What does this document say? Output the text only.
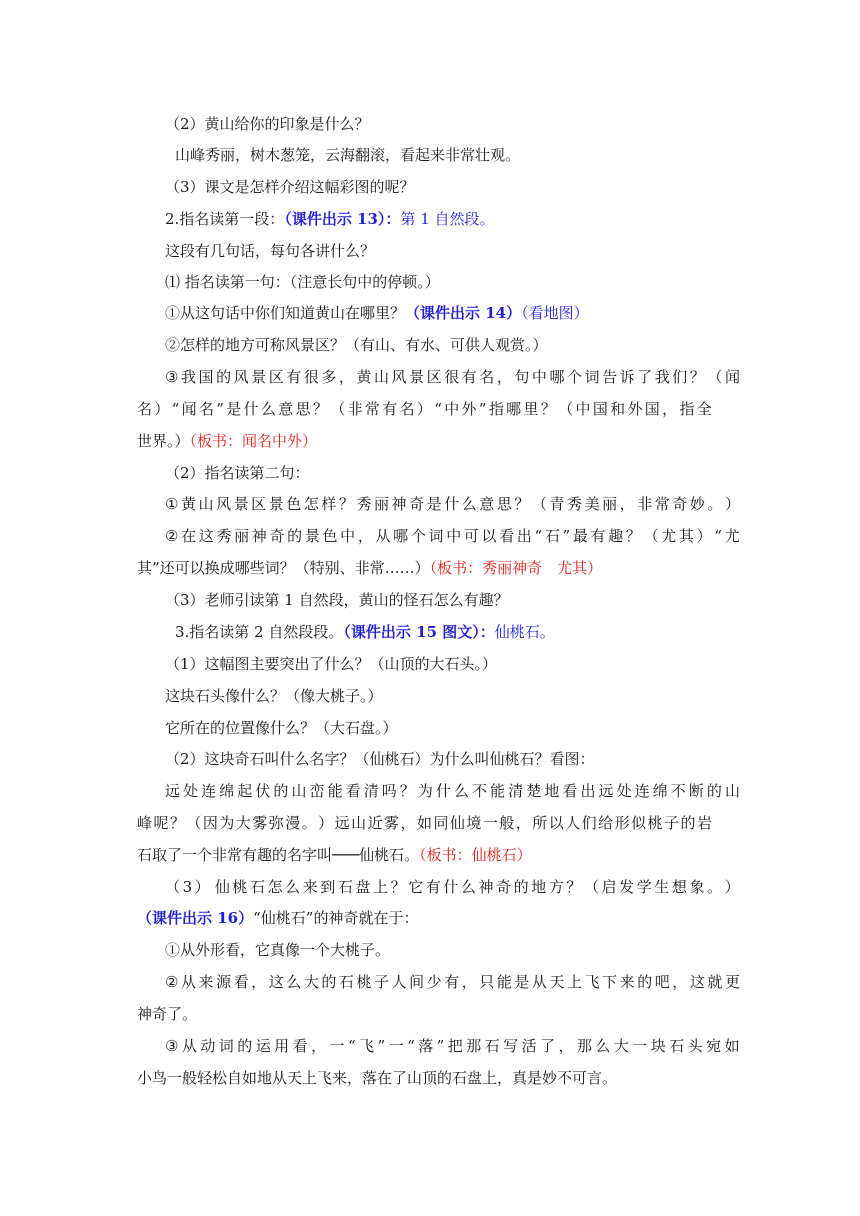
（2）黄山给你的印象是什么？
山峰秀丽，树木葱笼，云海翻滚，看起来非常壮观。
（3）课文是怎样介绍这幅彩图的呢？
2.指名读第一段：（课件出示 13）：第 1 自然段。
这段有几句话，每句各讲什么？
⑴ 指名读第一句：（注意长句中的停顿。）
①从这句话中你们知道黄山在哪里？（课件出示 14）（看地图）
②怎样的地方可称风景区？（有山、有水、可供人观赏。）
③ 我 国 的 风 景 区 有 很 多 ， 黄 山 风 景 区 很 有 名 ， 句 中 哪 个 词 告 诉 了 我 们 ？ （ 闻
名 ） “ 闻 名 ” 是 什 么 意 思 ？ （ 非 常 有 名 ） “ 中 外 ” 指 哪 里 ？ （ 中 国 和 外 国 ， 指 全
世界。）（板书：闻名中外）
（2）指名读第二句：
① 黄 山 风 景 区 景 色 怎 样 ？ 秀 丽 神 奇 是 什 么 意 思 ？ （ 青 秀 美 丽 ， 非 常 奇 妙 。 ）
② 在 这 秀 丽 神 奇 的 景 色 中 ， 从 哪 个 词 中 可 以 看 出 “ 石 ” 最 有 趣 ？ （ 尤 其 ） “ 尤
其”还可以换成哪些词？（特别、非常……）（板书：秀丽神奇　尤其）
（3）老师引读第 1 自然段，黄山的怪石怎么有趣？
3.指名读第 2 自然段段。（课件出示 15 图文）：仙桃石。
（1）这幅图主要突出了什么？（山顶的大石头。）
这块石头像什么？（像大桃子。）
它所在的位置像什么？（大石盘。）
（2）这块奇石叫什么名字？（仙桃石）为什么叫仙桃石？看图：
远 处 连 绵 起 伏 的 山 峦 能 看 清 吗 ？ 为 什 么 不 能 清 楚 地 看 出 远 处 连 绵 不 断 的 山
峰 呢 ？ （ 因 为 大 雾 弥 漫 。 ） 远 山 近 雾 ， 如 同 仙 境 一 般 ， 所 以 人 们 给 形 似 桃 子 的 岩
石取了一个非常有趣的名字叫───仙桃石。（板书：仙桃石）
（ 3 ） 仙 桃 石 怎 么 来 到 石 盘 上 ？ 它 有 什 么 神 奇 的 地 方 ？ （ 启 发 学 生 想 象 。 ）
（课件出示 16）“仙桃石”的神奇就在于：
①从外形看，它真像一个大桃子。
② 从 来 源 看 ， 这 么 大 的 石 桃 子 人 间 少 有 ， 只 能 是 从 天 上 飞 下 来 的 吧 ， 这 就 更
神奇了。
③ 从 动 词 的 运 用 看 ， 一 “ 飞 ” 一 “ 落 ” 把 那 石 写 活 了 ， 那 么 大 一 块 石 头 宛 如
小鸟一般轻松自如地从天上飞来，落在了山顶的石盘上，真是妙不可言。
